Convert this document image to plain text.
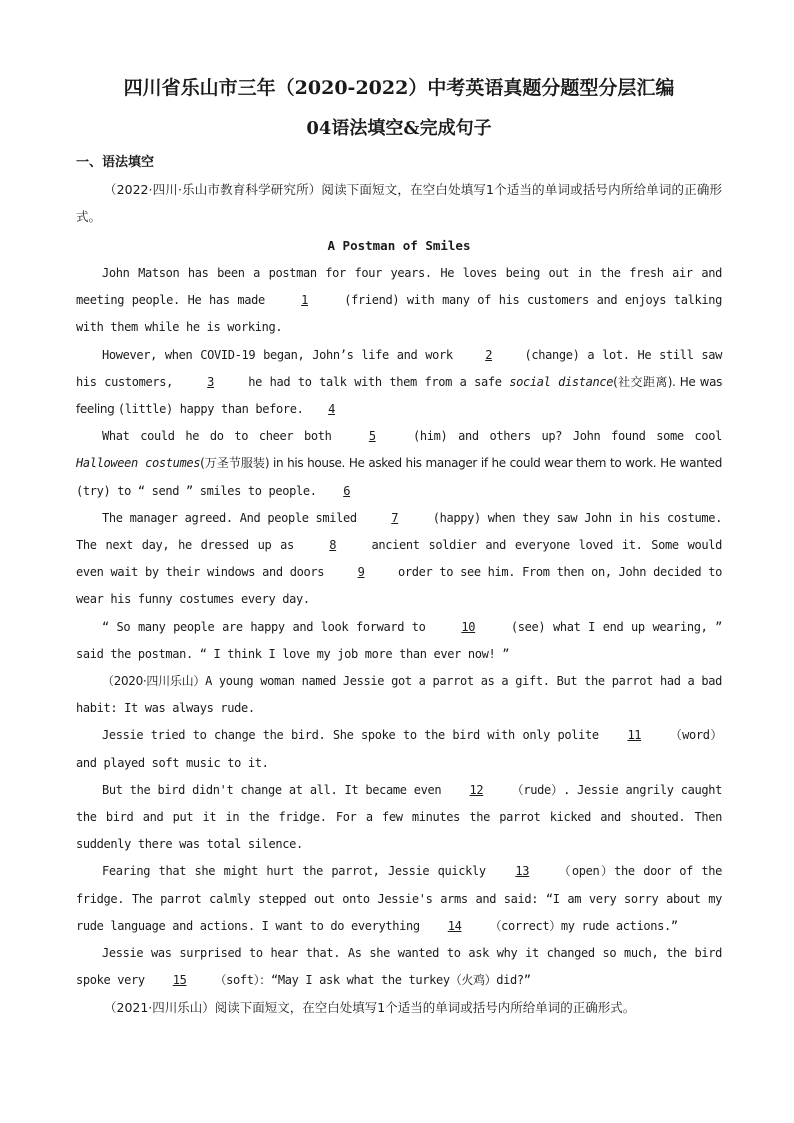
四川省乐山市三年（2020-2022）中考英语真题分题型分层汇编
04语法填空&完成句子
一、语法填空

（2022·四川·乐山市教育科学研究所）阅读下面短文，在空白处填写1个适当的单词或括号内所给单词的正确形式。

A Postman of Smiles

John Matson has been a postman for four years. He loves being out in the fresh air and meeting people. He has made 1 (friend) with many of his customers and enjoys talking with them while he is working.

However, when COVID-19 began, John’s life and work 2 (change) a lot. He still saw his customers, 3 he had to talk with them from a safe social distance(社交距离). He was feeling (little) happy than before. 4

What could he do to cheer both 5 (him) and others up? John found some cool Halloween costumes(万圣节服装) in his house. He asked his manager if he could wear them to work. He wanted (try) to “ send ” smiles to people. 6

The manager agreed. And people smiled 7 (happy) when they saw John in his costume. The next day, he dressed up as 8 ancient soldier and everyone loved it. Some would even wait by their windows and doors 9 order to see him. From then on, John decided to wear his funny costumes every day.

“ So many people are happy and look forward to 10 (see) what I end up wearing, ” said the postman. “ I think I love my job more than ever now! ”

（2020·四川乐山）A young woman named Jessie got a parrot as a gift. But the parrot had a bad habit: It was always rude.

Jessie tried to change the bird. She spoke to the bird with only polite 11 （word）and played soft music to it.

But the bird didn't change at all. It became even 12 （rude）. Jessie angrily caught the bird and put it in the fridge. For a few minutes the parrot kicked and shouted. Then suddenly there was total silence.

Fearing that she might hurt the parrot, Jessie quickly 13 （open）the door of the fridge. The parrot calmly stepped out onto Jessie's arms and said: “I am very sorry about my rude language and actions. I want to do everything 14 （correct）my rude actions.”

Jessie was surprised to hear that. As she wanted to ask why it changed so much, the bird spoke very 15 （soft）：“May I ask what the turkey（火鸡）did?”

（2021·四川乐山）阅读下面短文，在空白处填写1个适当的单词或括号内所给单词的正确形式。
